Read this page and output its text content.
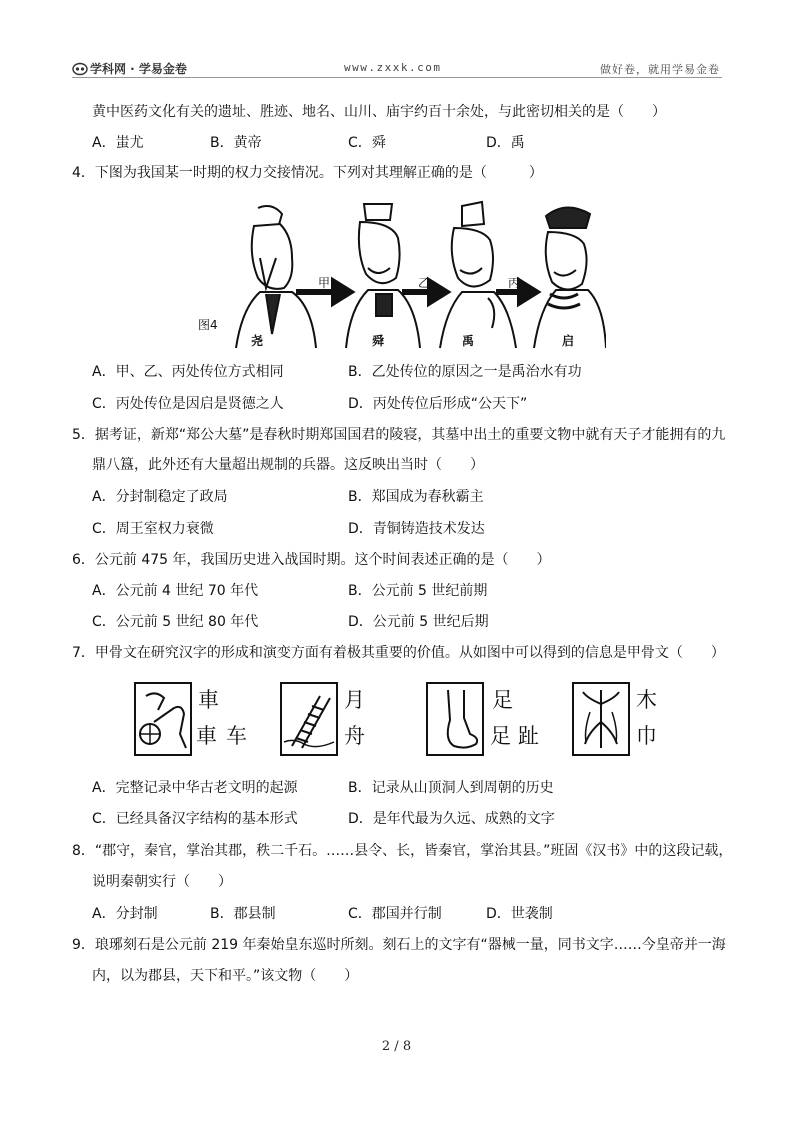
学科网 · 学易金卷	www.zxxk.com	做好卷，就用学易金卷
黄中医药文化有关的遗址、胜迹、地名、山川、庙宇约百十余处，与此密切相关的是（　　）
A．蚩尤	B．黄帝	C．舜	D．禹
4．下图为我国某一时期的权力交接情况。下列对其理解正确的是（　　　）
甲	乙	丙
图4
尧	舜	禹	启
A．甲、乙、丙处传位方式相同	B．乙处传位的原因之一是禹治水有功
C．丙处传位是因启是贤德之人	D．丙处传位后形成“公天下”
5．据考证，新郑“郑公大墓”是春秋时期郑国国君的陵寝，其墓中出土的重要文物中就有天子才能拥有的九
鼎八簋，此外还有大量超出规制的兵器。这反映出当时（　　）
A．分封制稳定了政局	B．郑国成为春秋霸主
C．周王室权力衰微	D．青铜铸造技术发达
6．公元前 475 年，我国历史进入战国时期。这个时间表述正确的是（　　）
A．公元前 4 世纪 70 年代	B．公元前 5 世纪前期
C．公元前 5 世纪 80 年代	D．公元前 5 世纪后期
7．甲骨文在研究汉字的形成和演变方面有着极其重要的价值。从如图中可以得到的信息是甲骨文（　　）
車
車 车
月
舟
足
足 趾
木
巾
A．完整记录中华古老文明的起源	B．记录从山顶洞人到周朝的历史
C．已经具备汉字结构的基本形式	D．是年代最为久远、成熟的文字
8．“郡守，秦官，掌治其郡，秩二千石。……县令、长，皆秦官，掌治其县。”班固《汉书》中的这段记载，
说明秦朝实行（　　）
A．分封制	B．郡县制	C．郡国并行制	D．世袭制
9．琅琊刻石是公元前 219 年秦始皇东巡时所刻。刻石上的文字有“器械一量，同书文字……今皇帝并一海
内，以为郡县，天下和平。”该文物（　　）
2 / 8
